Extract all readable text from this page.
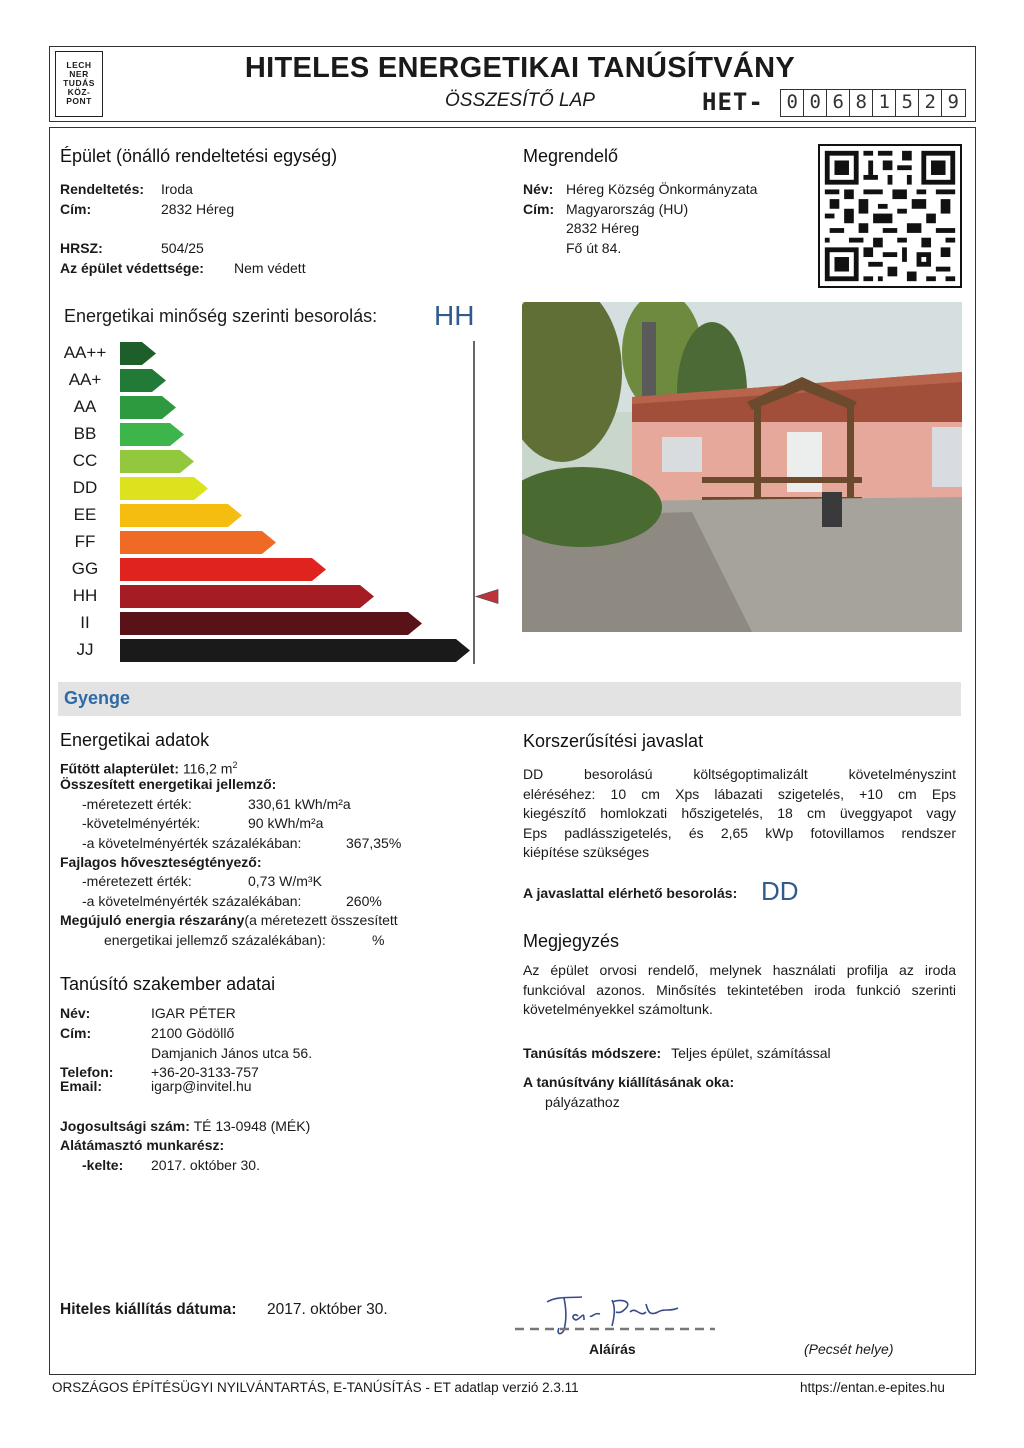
LECH
NER
TUDÁS
KÖZ-
PONT
HITELES ENERGETIKAI TANÚSÍTVÁNY
ÖSSZESÍTŐ LAP	HET-	0 0 6 8 1 5 2 9
Épület (önálló rendeltetési egység)
Rendeltetés: Iroda
Cím:	2832 Héreg
HRSZ:	504/25
Az épület védettsége: Nem védett
Megrendelő
Név: Héreg Község Önkormányzata
Cím: Magyarország (HU)
2832 Héreg
Fő út 84.
Energetikai minőség szerinti besorolás: HH
AA++
AA+
AA
BB
CC
DD
EE
FF
GG
HH
II
JJ
Gyenge
Energetikai adatok
Fűtött alapterület: 116,2 $m^2$
Összesített energetikai jellemző:
-méretezett érték:	330,61 kWh/m²a
-követelményérték:	90 kWh/m²a
-a követelményérték százalékában:	367,35%
Fajlagos hőveszteségtényező:
-méretezett érték:	0,73 W/m³K
-a követelményérték százalékában:	260%
Megújuló energia részarány(a méretezett összesített
energetikai jellemző százalékában):	%
Tanúsító szakember adatai
Név:	IGAR PÉTER
Cím:	2100 Gödöllő
Damjanich János utca 56.
Telefon:	+36-20-3133-757
Email:	igarp@invitel.hu
Jogosultsági szám: TÉ 13-0948 (MÉK)
Alátámasztó munkarész:
-kelte: 2017. október 30.
Korszerűsítési javaslat
DD besorolású költségoptimalizált követelményszint
eléréséhez: 10 cm Xps lábazati szigetelés, +10 cm Eps
kiegészítő homlokzati hőszigetelés, 18 cm üveggyapot vagy
Eps padlásszigetelés, és 2,65 kWp fotovillamos rendszer
kiépítése szükséges
A javaslattal elérhető besorolás: DD
Megjegyzés
Az épület orvosi rendelő, melynek használati profilja az iroda
funkcióval azonos. Minősítés tekintetében iroda funkció szerinti
követelményekkel számoltunk.
Tanúsítás módszere: Teljes épület, számítással
A tanúsítvány kiállításának oka:
pályázathoz
Hiteles kiállítás dátuma: 2017. október 30.
Aláírás	(Pecsét helye)
ORSZÁGOS ÉPÍTÉSÜGYI NYILVÁNTARTÁS, E-TANÚSÍTÁS - ET adatlap verzió 2.3.11	https://entan.e-epites.hu
